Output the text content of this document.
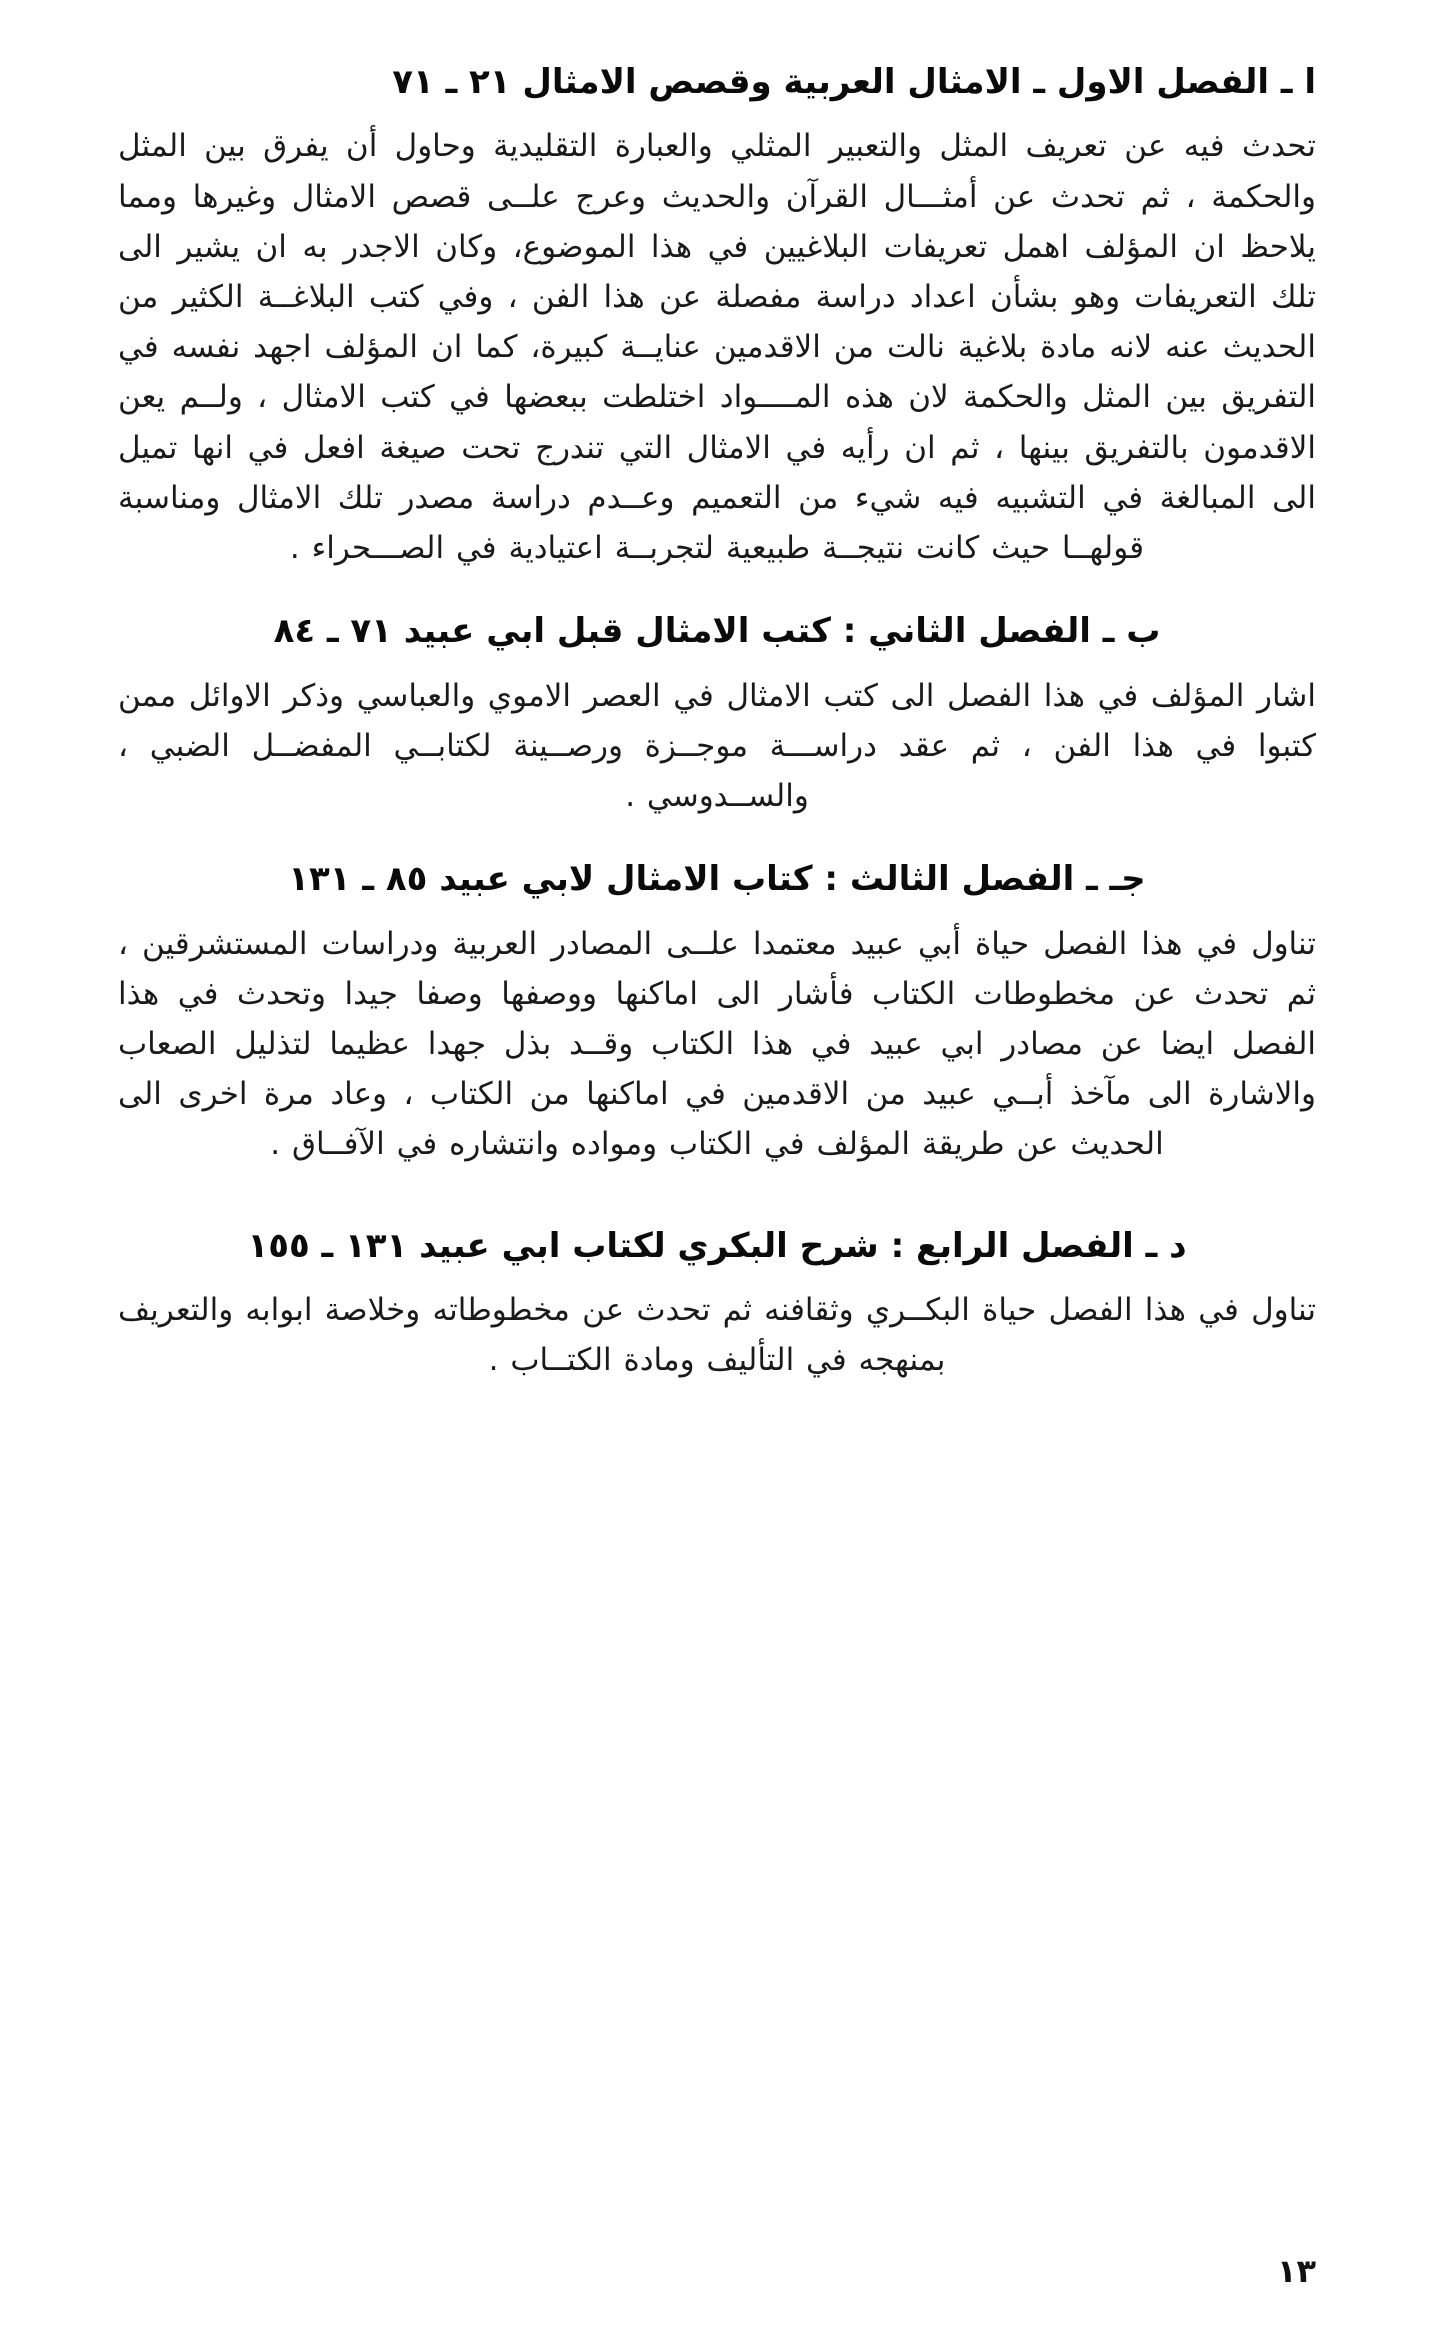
ا ـ الفصل الاول ـ الامثال العربية وقصص الامثال ٢١ ـ ٧١

تحدث فيه عن تعريف المثل والتعبير المثلي والعبارة التقليدية وحاول أن يفرق بين المثل والحكمة ، ثم تحدث عن أمثـــال القرآن والحديث وعرج علــى قصص الامثال وغيرها ومما يلاحظ ان المؤلف اهمل تعريفات البلاغيين في هذا الموضوع، وكان الاجدر به ان يشير الى تلك التعريفات وهو بشأن اعداد دراسة مفصلة عن هذا الفن ، وفي كتب البلاغــة الكثير من الحديث عنه لانه مادة بلاغية نالت من الاقدمين عنايــة كبيرة، كما ان المؤلف اجهد نفسه في التفريق بين المثل والحكمة لان هذه المــــواد اختلطت ببعضها في كتب الامثال ، ولــم يعن الاقدمون بالتفريق بينها ، ثم ان رأيه في الامثال التي تندرج تحت صيغة افعل في انها تميل الى المبالغة في التشبيه فيه شيء من التعميم وعــدم دراسة مصدر تلك الامثال ومناسبة قولهــا حيث كانت نتيجــة طبيعية لتجربــة اعتيادية في الصـــحراء .

ب ـ الفصل الثاني : كتب الامثال قبل ابي عبيد ٧١ ـ ٨٤

اشار المؤلف في هذا الفصل الى كتب الامثال في العصر الاموي والعباسي وذكر الاوائل ممن كتبوا في هذا الفن ، ثم عقد دراســـة موجــزة ورصــينة لكتابــي المفضــل الضبي ، والســدوسي .

جـ ـ الفصل الثالث : كتاب الامثال لابي عبيد ٨٥ ـ ١٣١

تناول في هذا الفصل حياة أبي عبيد معتمدا علــى المصادر العربية ودراسات المستشرقين ، ثم تحدث عن مخطوطات الكتاب فأشار الى اماكنها ووصفها وصفا جيدا وتحدث في هذا الفصل ايضا عن مصادر ابي عبيد في هذا الكتاب وقــد بذل جهدا عظيما لتذليل الصعاب والاشارة الى مآخذ أبــي عبيد من الاقدمين في اماكنها من الكتاب ، وعاد مرة اخرى الى الحديث عن طريقة المؤلف في الكتاب ومواده وانتشاره في الآفــاق .

د ـ الفصل الرابع : شرح البكري لكتاب ابي عبيد ١٣١ ـ ١٥٥

تناول في هذا الفصل حياة البكــري وثقافنه ثم تحدث عن مخطوطاته وخلاصة ابوابه والتعريف بمنهجه في التأليف ومادة الكتــاب .

١٣
